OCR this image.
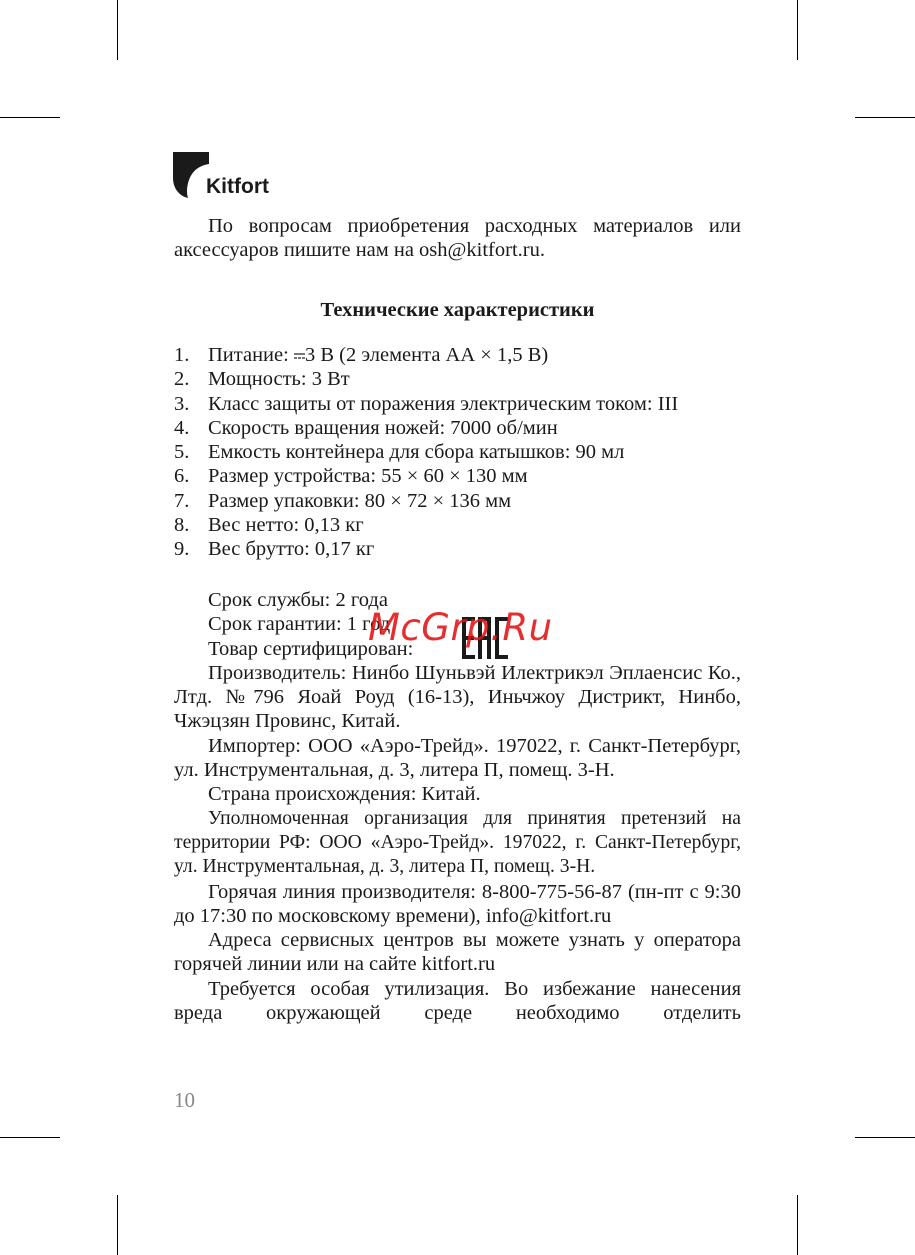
Kitfort

По вопросам приобретения расходных материалов или аксессуаров пишите нам на osh@kitfort.ru.

Технические характеристики
1. Питание:
3 В (2 элемента АА × 1,5 В)
2. Мощность: 3 Вт
3. Класс защиты от поражения электрическим током: III
4. Скорость вращения ножей: 7000 об/мин
5. Емкость контейнера для сбора катышков: 90 мл
6. Размер устройства: 55 × 60 × 130 мм
7. Размер упаковки: 80 × 72 × 136 мм
8. Вес нетто: 0,13 кг
9. Вес брутто: 0,17 кг
Срок службы: 2 года
Срок гарантии: 1 год
Товар сертифицирован:

Производитель: Нинбо Шуньвэй Илектрикэл Эплаенсис Ко., Лтд. №796 Яоай Роуд (16-13), Иньчжоу Дистрикт, Нинбо, Чжэцзян Провинс, Китай.

Импортер: ООО «Аэро-Трейд». 197022, г. Санкт-Петербург, ул. Инструментальная, д. 3, литера П, помещ. 3-Н.

Страна происхождения: Китай.

Уполномоченная организация для принятия претензий на территории РФ: ООО «Аэро-Трейд». 197022, г. Санкт-Петербург, ул. Инструментальная, д. 3, литера П, помещ. 3-Н.

Горячая линия производителя: 8-800-775-56-87 (пн-пт с 9:30 до 17:30 по московскому времени), info@kitfort.ru

Адреса сервисных центров вы можете узнать у оператора горячей линии или на сайте kitfort.ru

Требуется особая утилизация. Во избежание нанесения вреда окружающей среде необходимо отделить

McGrp.Ru
10
